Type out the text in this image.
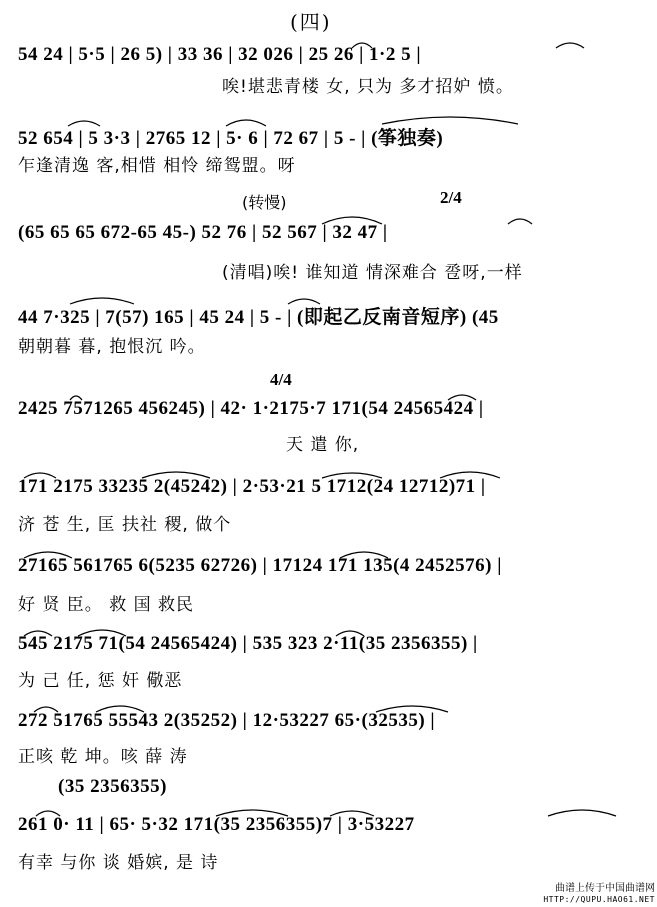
(四)
54 24 | 5·5 | 26 5) | 33 36 | 32 026 | 25 26 | 1·2 5 |
唉!堪悲青楼 女, 只为 多才招妒 愤。
52 654 | 5 3·3 | 2765 12 | 5· 6 | 72 67 | 5 - | (筝独奏)
乍逢清逸 客,相惜 相怜 缔鸳盟。呀
(转慢)	2/4
(65 65 65 672-65 45-) 52 76 | 52 567 | 32 47 |
(清唱)唉! 谁知道 情深难合 卺呀,一样
44 7·325 | 7(57) 165 | 45 24 | 5 - | (即起乙反南音短序) (45
朝朝暮 暮, 抱恨沉 吟。
4/4
2425 7571265 456245) | 42· 1·2175·7 171(54 24565424 |
天 遣 你,
171 2175 33235 2(45242) | 2·53·21 5 1712(24 12712)71 |
济 苍 生, 匡 扶社 稷, 做个
27165 561765 6(5235 62726) | 17124 171 135(4 2452576) |
好 贤 臣。 救 国 救民
545 2175 71(54 24565424) | 535 323 2·11(35 2356355) |
为 己 任, 惩 奸 儆恶
272 51765 55543 2(35252) | 12·53227 65·(32535) |
正咳 乾 坤。咳 薛 涛
(35 2356355)
261 0· 11 | 65· 5·32 171(35 2356355)7 | 3·53227
有幸 与你 谈 婚嫔, 是 诗
曲谱上传于中国曲谱网
HTTP://QUPU.HAO61.NET
